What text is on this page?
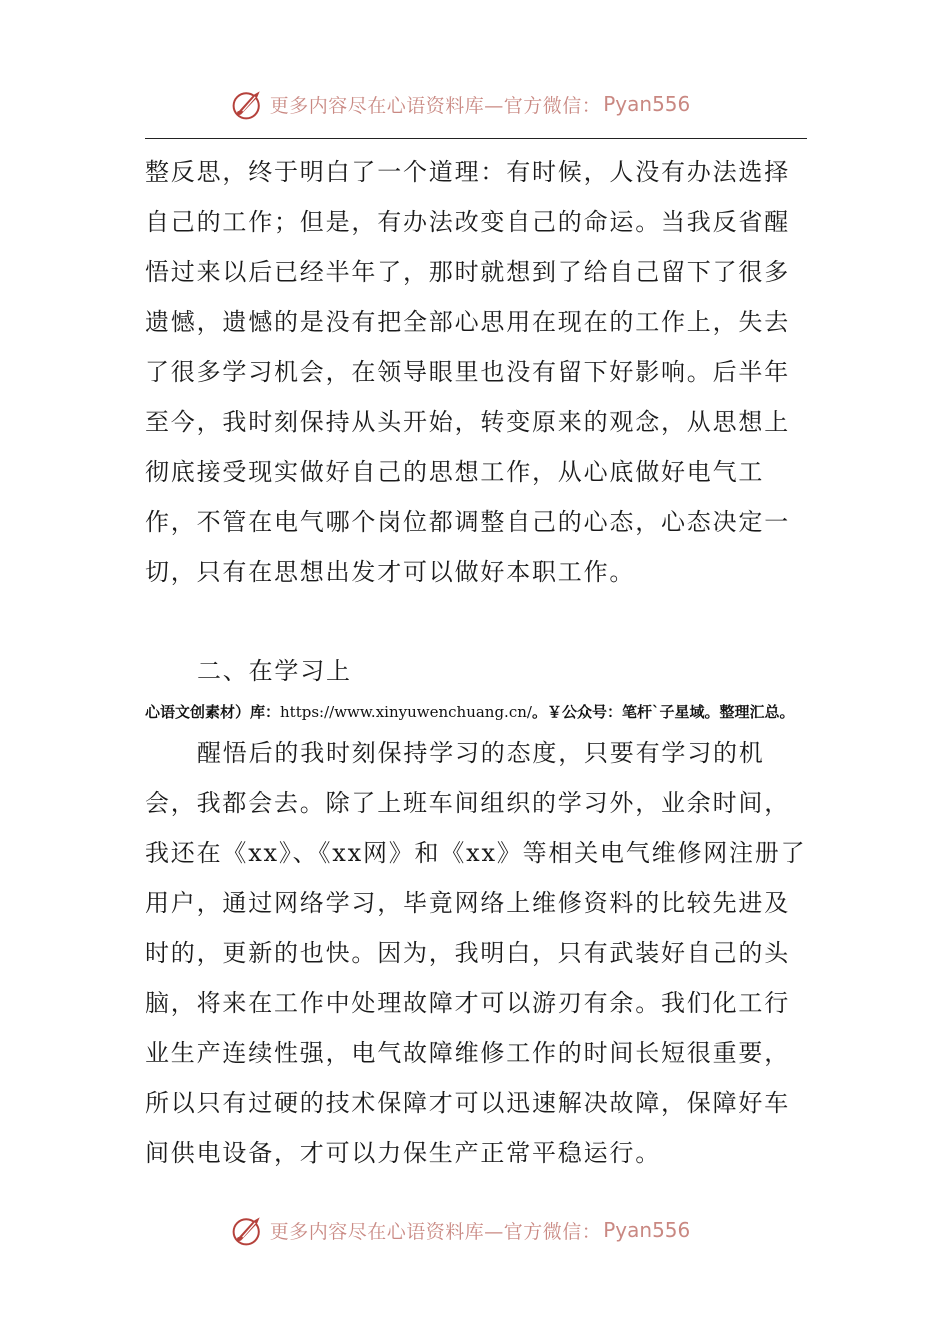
更多内容尽在心语资料库—官方微信： Pyan556

整反思，终于明白了一个道理：有时候，人没有办法选择自己的工作；但是，有办法改变自己的命运。当我反省醒悟过来以后已经半年了，那时就想到了给自己留下了很多遗憾，遗憾的是没有把全部心思用在现在的工作上，失去了很多学习机会，在领导眼里也没有留下好影响。后半年至今，我时刻保持从头开始，转变原来的观念，从思想上彻底接受现实做好自己的思想工作，从心底做好电气工作，不管在电气哪个岗位都调整自己的心态，心态决定一切，只有在思想出发才可以做好本职工作。

二、在学习上

心语文创素材）库：https://www.xinyuwenchuang.cn/。￥公众号：笔杆`子星域。整理汇总。

醒悟后的我时刻保持学习的态度，只要有学习的机会，我都会去。除了上班车间组织的学习外，业余时间，我还在《xx》、《xx网》和《xx》等相关电气维修网注册了用户，通过网络学习，毕竟网络上维修资料的比较先进及时的，更新的也快。因为，我明白，只有武装好自己的头脑，将来在工作中处理故障才可以游刃有余。我们化工行业生产连续性强，电气故障维修工作的时间长短很重要，所以只有过硬的技术保障才可以迅速解决故障，保障好车间供电设备，才可以力保生产正常平稳运行。

更多内容尽在心语资料库—官方微信： Pyan556
